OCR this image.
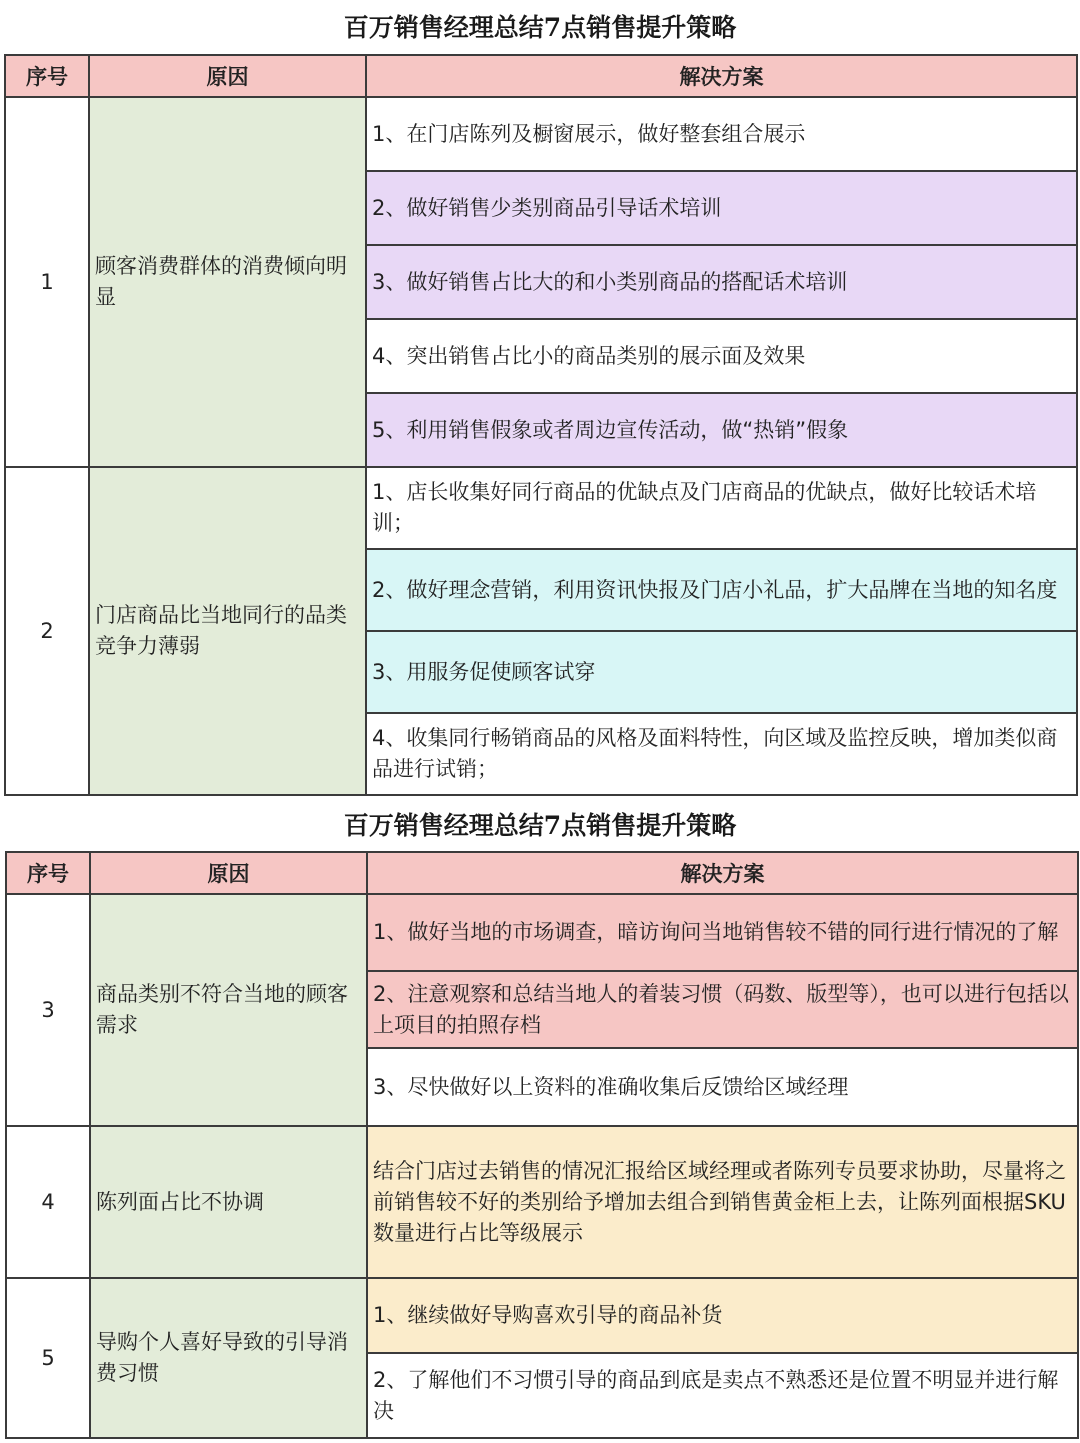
百万销售经理总结7点销售提升策略
序号	原因	解决方案
1	顾客消费群体的消费倾向明显	1、在门店陈列及橱窗展示，做好整套组合展示
		2、做好销售少类别商品引导话术培训
		3、做好销售占比大的和小类别商品的搭配话术培训
		4、突出销售占比小的商品类别的展示面及效果
		5、利用销售假象或者周边宣传活动，做“热销”假象
2	门店商品比当地同行的品类竞争力薄弱	1、店长收集好同行商品的优缺点及门店商品的优缺点，做好比较话术培训；
		2、做好理念营销，利用资讯快报及门店小礼品，扩大品牌在当地的知名度
		3、用服务促使顾客试穿
		4、收集同行畅销商品的风格及面料特性，向区域及监控反映，增加类似商品进行试销；
百万销售经理总结7点销售提升策略
序号	原因	解决方案
3	商品类别不符合当地的顾客需求	1、做好当地的市场调查，暗访询问当地销售较不错的同行进行情况的了解
		2、注意观察和总结当地人的着装习惯（码数、版型等），也可以进行包括以上项目的拍照存档
		3、尽快做好以上资料的准确收集后反馈给区域经理
4	陈列面占比不协调	结合门店过去销售的情况汇报给区域经理或者陈列专员要求协助，尽量将之前销售较不好的类别给予增加去组合到销售黄金柜上去，让陈列面根据SKU数量进行占比等级展示
5	导购个人喜好导致的引导消费习惯	1、继续做好导购喜欢引导的商品补货
		2、了解他们不习惯引导的商品到底是卖点不熟悉还是位置不明显并进行解决
